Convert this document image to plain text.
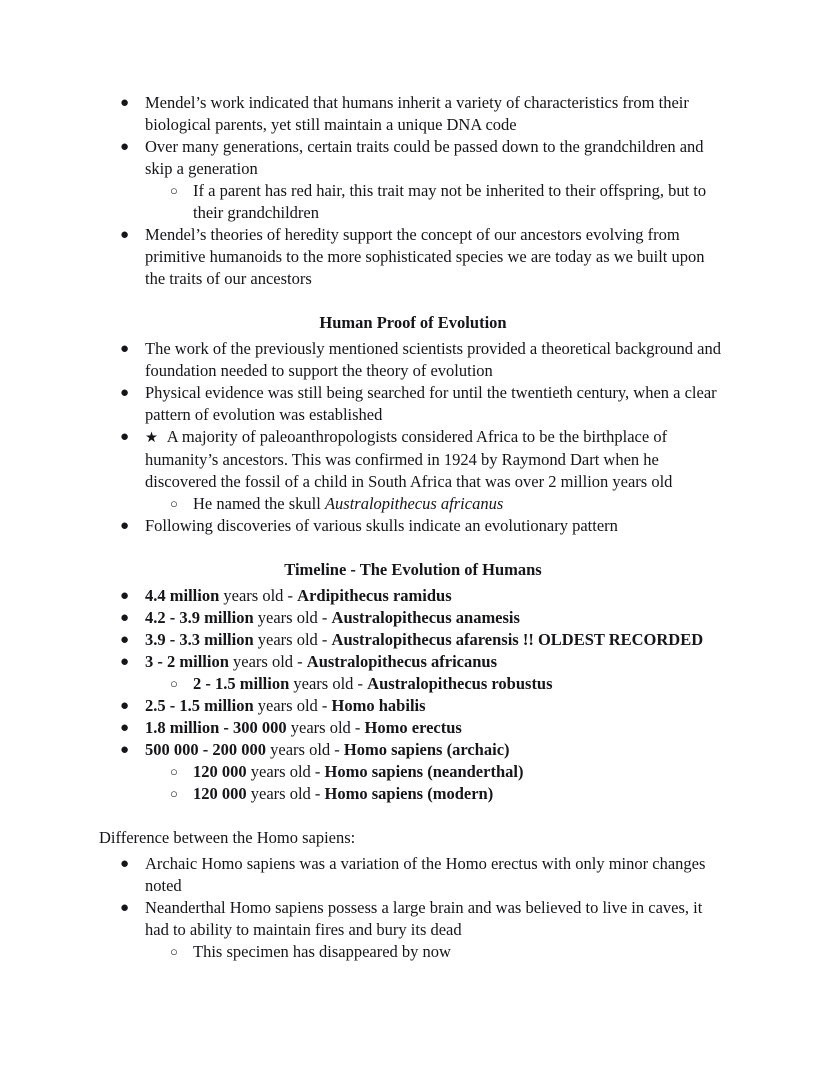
● Mendel’s work indicated that humans inherit a variety of characteristics from their biological parents, yet still maintain a unique DNA code
● Over many generations, certain traits could be passed down to the grandchildren and skip a generation
○ If a parent has red hair, this trait may not be inherited to their offspring, but to their grandchildren
● Mendel’s theories of heredity support the concept of our ancestors evolving from primitive humanoids to the more sophisticated species we are today as we built upon the traits of our ancestors
Human Proof of Evolution
● The work of the previously mentioned scientists provided a theoretical background and foundation needed to support the theory of evolution
● Physical evidence was still being searched for until the twentieth century, when a clear pattern of evolution was established
● ★ A majority of paleoanthropologists considered Africa to be the birthplace of humanity’s ancestors. This was confirmed in 1924 by Raymond Dart when he discovered the fossil of a child in South Africa that was over 2 million years old
○ He named the skull Australopithecus africanus
● Following discoveries of various skulls indicate an evolutionary pattern
Timeline - The Evolution of Humans
● 4.4 million years old - Ardipithecus ramidus
● 4.2 - 3.9 million years old - Australopithecus anamesis
● 3.9 - 3.3 million years old - Australopithecus afarensis !! OLDEST RECORDED
● 3 - 2 million years old - Australopithecus africanus
○ 2 - 1.5 million years old - Australopithecus robustus
● 2.5 - 1.5 million years old - Homo habilis
● 1.8 million - 300 000 years old - Homo erectus
● 500 000 - 200 000 years old - Homo sapiens (archaic)
○ 120 000 years old - Homo sapiens (neanderthal)
○ 120 000 years old - Homo sapiens (modern)
Difference between the Homo sapiens:
● Archaic Homo sapiens was a variation of the Homo erectus with only minor changes noted
● Neanderthal Homo sapiens possess a large brain and was believed to live in caves, it had to ability to maintain fires and bury its dead
○ This specimen has disappeared by now
